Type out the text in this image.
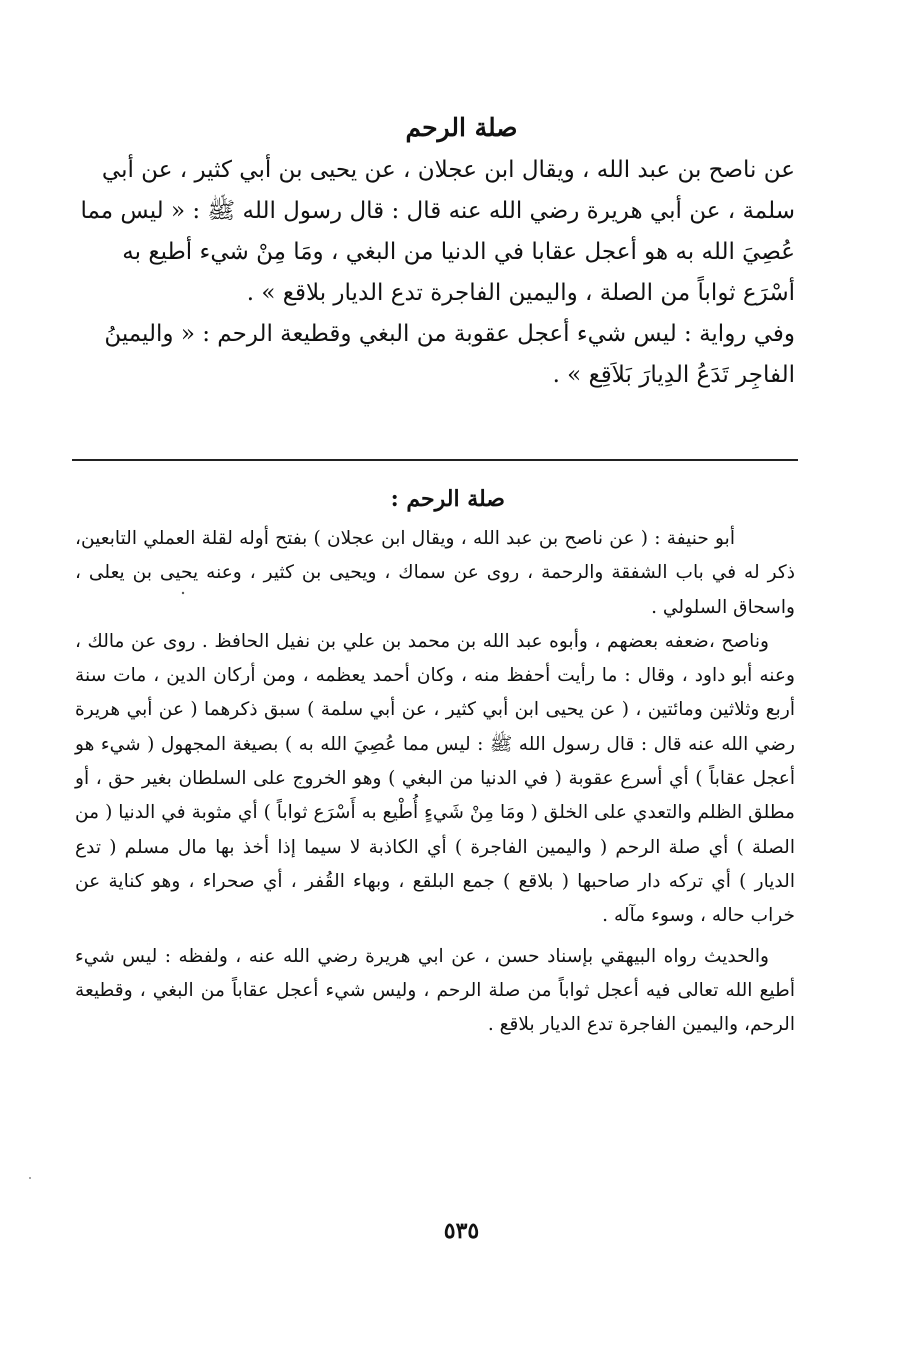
صلة الرحم

عن ناصح بن عبد الله ، ويقال ابن عجلان ، عن يحيى بن أبي كثير ، عن أبي سلمة ، عن أبي هريرة رضي الله عنه قال : قال رسول الله ﷺ : « ليس مما عُصِيَ الله به هو أعجل عقابا في الدنيا من البغي ، ومَا مِنْ شيء أطيع به أسْرَع ثواباً من الصلة ، واليمين الفاجرة تدع الديار بلاقع » .

وفي رواية : ليس شيء أعجل عقوبة من البغي وقطيعة الرحم : « واليمينُ الفاجِر تَدَعُ الدِيارَ بَلاَقِع » .

صلة الرحم :

أبو حنيفة : ( عن ناصح بن عبد الله ، ويقال ابن عجلان ) بفتح أوله لقلة العملي التابعين، ذكر له في باب الشفقة والرحمة ، روى عن سماك ، ويحيى بن كثير ، وعنه يحيى بن يعلى ، واسحاق السلولي .

وناصح ،ضعفه بعضهم ، وأبوه عبد الله بن محمد بن علي بن نفيل الحافظ . روى عن مالك ، وعنه أبو داود ، وقال : ما رأيت أحفظ منه ، وكان أحمد يعظمه ، ومن أركان الدين ، مات سنة أربع وثلاثين ومائتين ، ( عن يحيى ابن أبي كثير ، عن أبي سلمة ) سبق ذكرهما ( عن أبي هريرة رضي الله عنه قال : قال رسول الله ﷺ : ليس مما عُصِيَ الله به ) بصيغة المجهول ( شيء هو أعجل عقاباً ) أي أسرع عقوبة ( في الدنيا من البغي ) وهو الخروج على السلطان بغير حق ، أو مطلق الظلم والتعدي على الخلق ( ومَا مِنْ شَيءٍ أُطْيع به أَسْرَع ثواباً ) أي مثوبة في الدنيا ( من الصلة ) أي صلة الرحم ( واليمين الفاجرة ) أي الكاذبة لا سيما إذا أخذ بها مال مسلم ( تدع الديار ) أي تركه دار صاحبها ( بلاقع ) جمع البلقع ، وبهاء القُفر ، أي صحراء ، وهو كناية عن خراب حاله ، وسوء مآله .

والحديث رواه البيهقي بإسناد حسن ، عن ابي هريرة رضي الله عنه ، ولفظه : ليس شيء أطيع الله تعالى فيه أعجل ثواباً من صلة الرحم ، وليس شيء أعجل عقاباً من البغي ، وقطيعة الرحم، واليمين الفاجرة تدع الديار بلاقع .

٥٣٥
